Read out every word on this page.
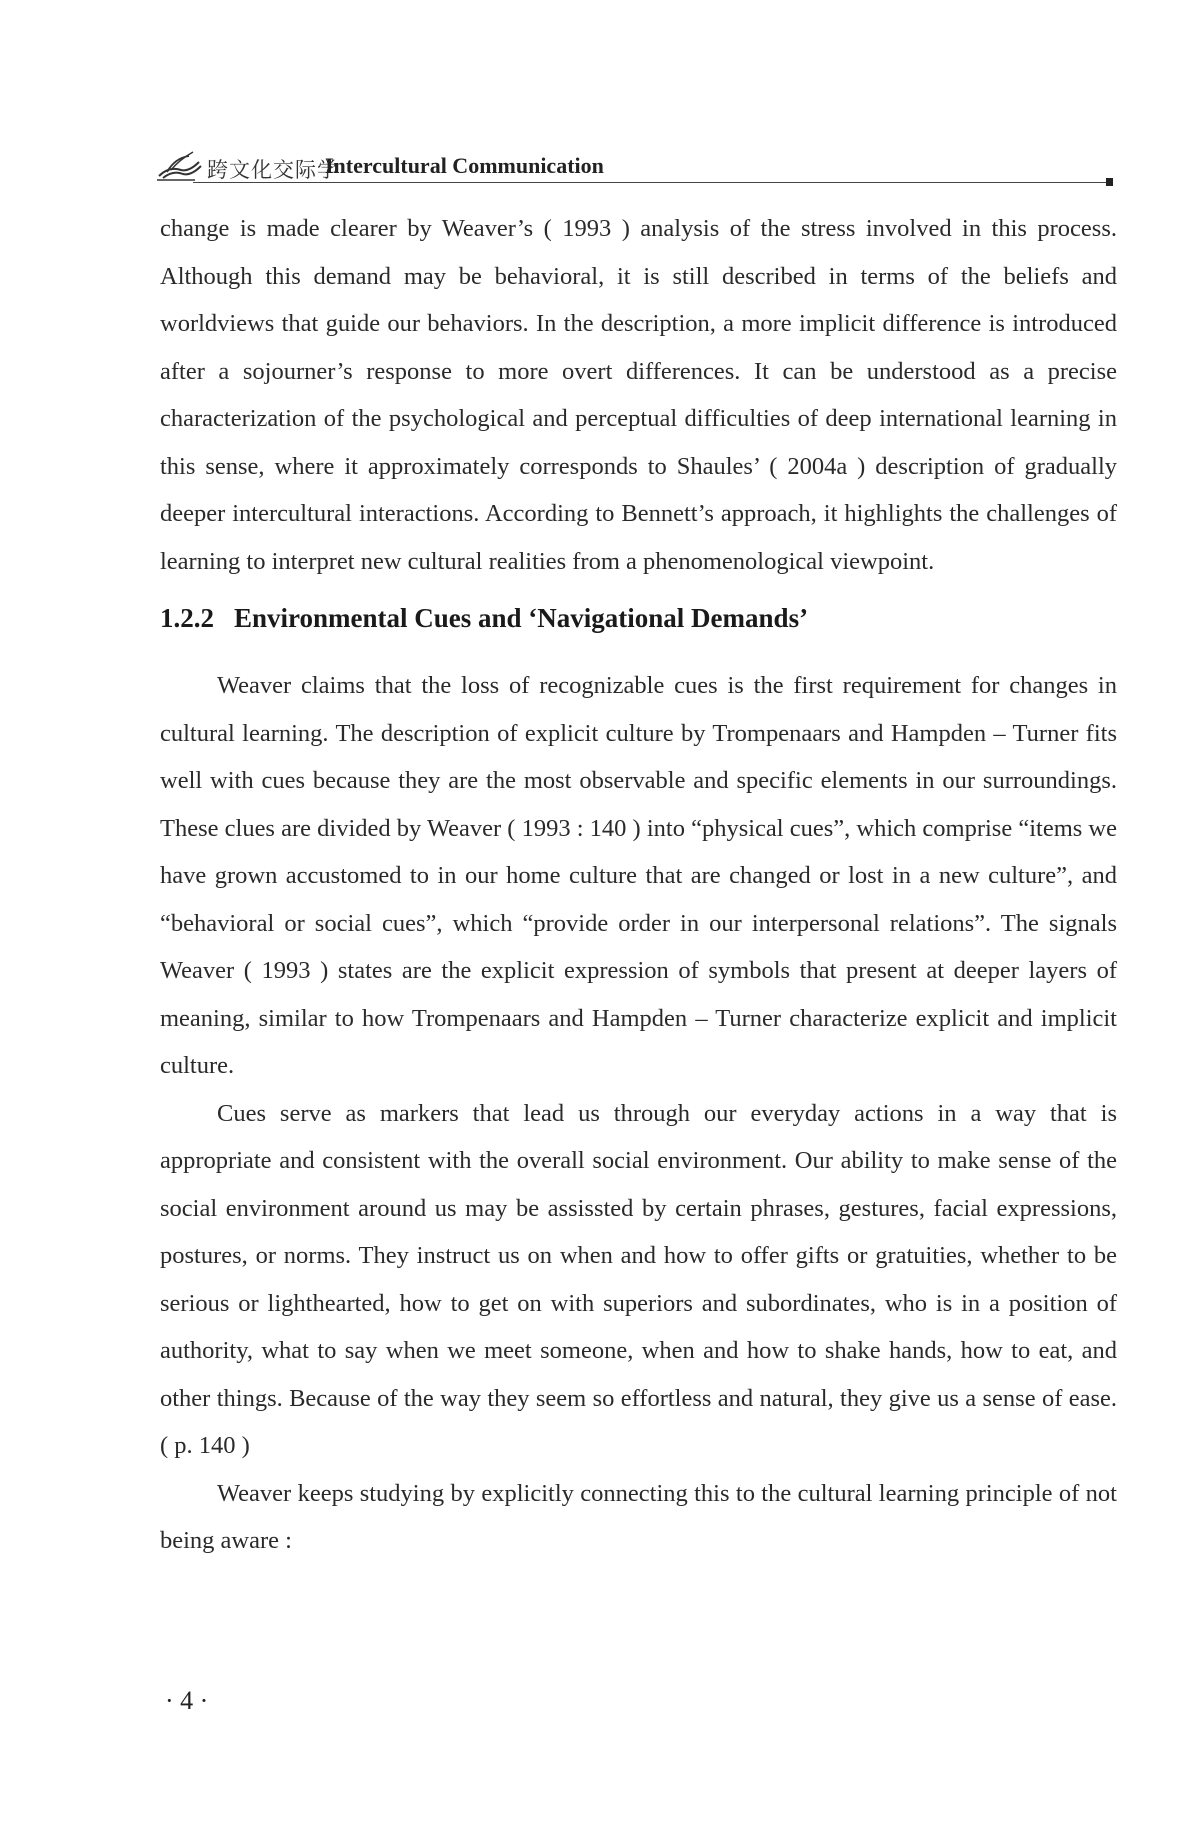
跨文化交际学
Intercultural Communication

change is made clearer by Weaver’s ( 1993 ) analysis of the stress involved in this process. Although this demand may be behavioral, it is still described in terms of the beliefs and worldviews that guide our behaviors. In the description, a more implicit difference is introduced after a sojourner’s response to more overt differences. It can be understood as a precise characterization of the psychological and perceptual difficulties of deep international learning in this sense, where it approximately corresponds to Shaules’ ( 2004a ) description of gradually deeper intercultural interactions. According to Bennett’s approach, it highlights the challenges of learning to interpret new cultural realities from a phenomenological viewpoint.

1.2.2 Environmental Cues and ‘Navigational Demands’

Weaver claims that the loss of recognizable cues is the first requirement for changes in cultural learning. The description of explicit culture by Trompenaars and Hampden – Turner fits well with cues because they are the most observable and specific elements in our surroundings. These clues are divided by Weaver ( 1993 : 140 ) into “physical cues”, which comprise “items we have grown accustomed to in our home culture that are changed or lost in a new culture”, and “behavioral or social cues”, which “provide order in our interpersonal relations”. The signals Weaver ( 1993 ) states are the explicit expression of symbols that present at deeper layers of meaning, similar to how Trompenaars and Hampden – Turner characterize explicit and implicit culture.

Cues serve as markers that lead us through our everyday actions in a way that is appropriate and consistent with the overall social environment. Our ability to make sense of the social environment around us may be assissted by certain phrases, gestures, facial expressions, postures, or norms. They instruct us on when and how to offer gifts or gratuities, whether to be serious or lighthearted, how to get on with superiors and subordinates, who is in a position of authority, what to say when we meet someone, when and how to shake hands, how to eat, and other things. Because of the way they seem so effortless and natural, they give us a sense of ease. ( p. 140 )

Weaver keeps studying by explicitly connecting this to the cultural learning principle of not being aware :

· 4 ·
